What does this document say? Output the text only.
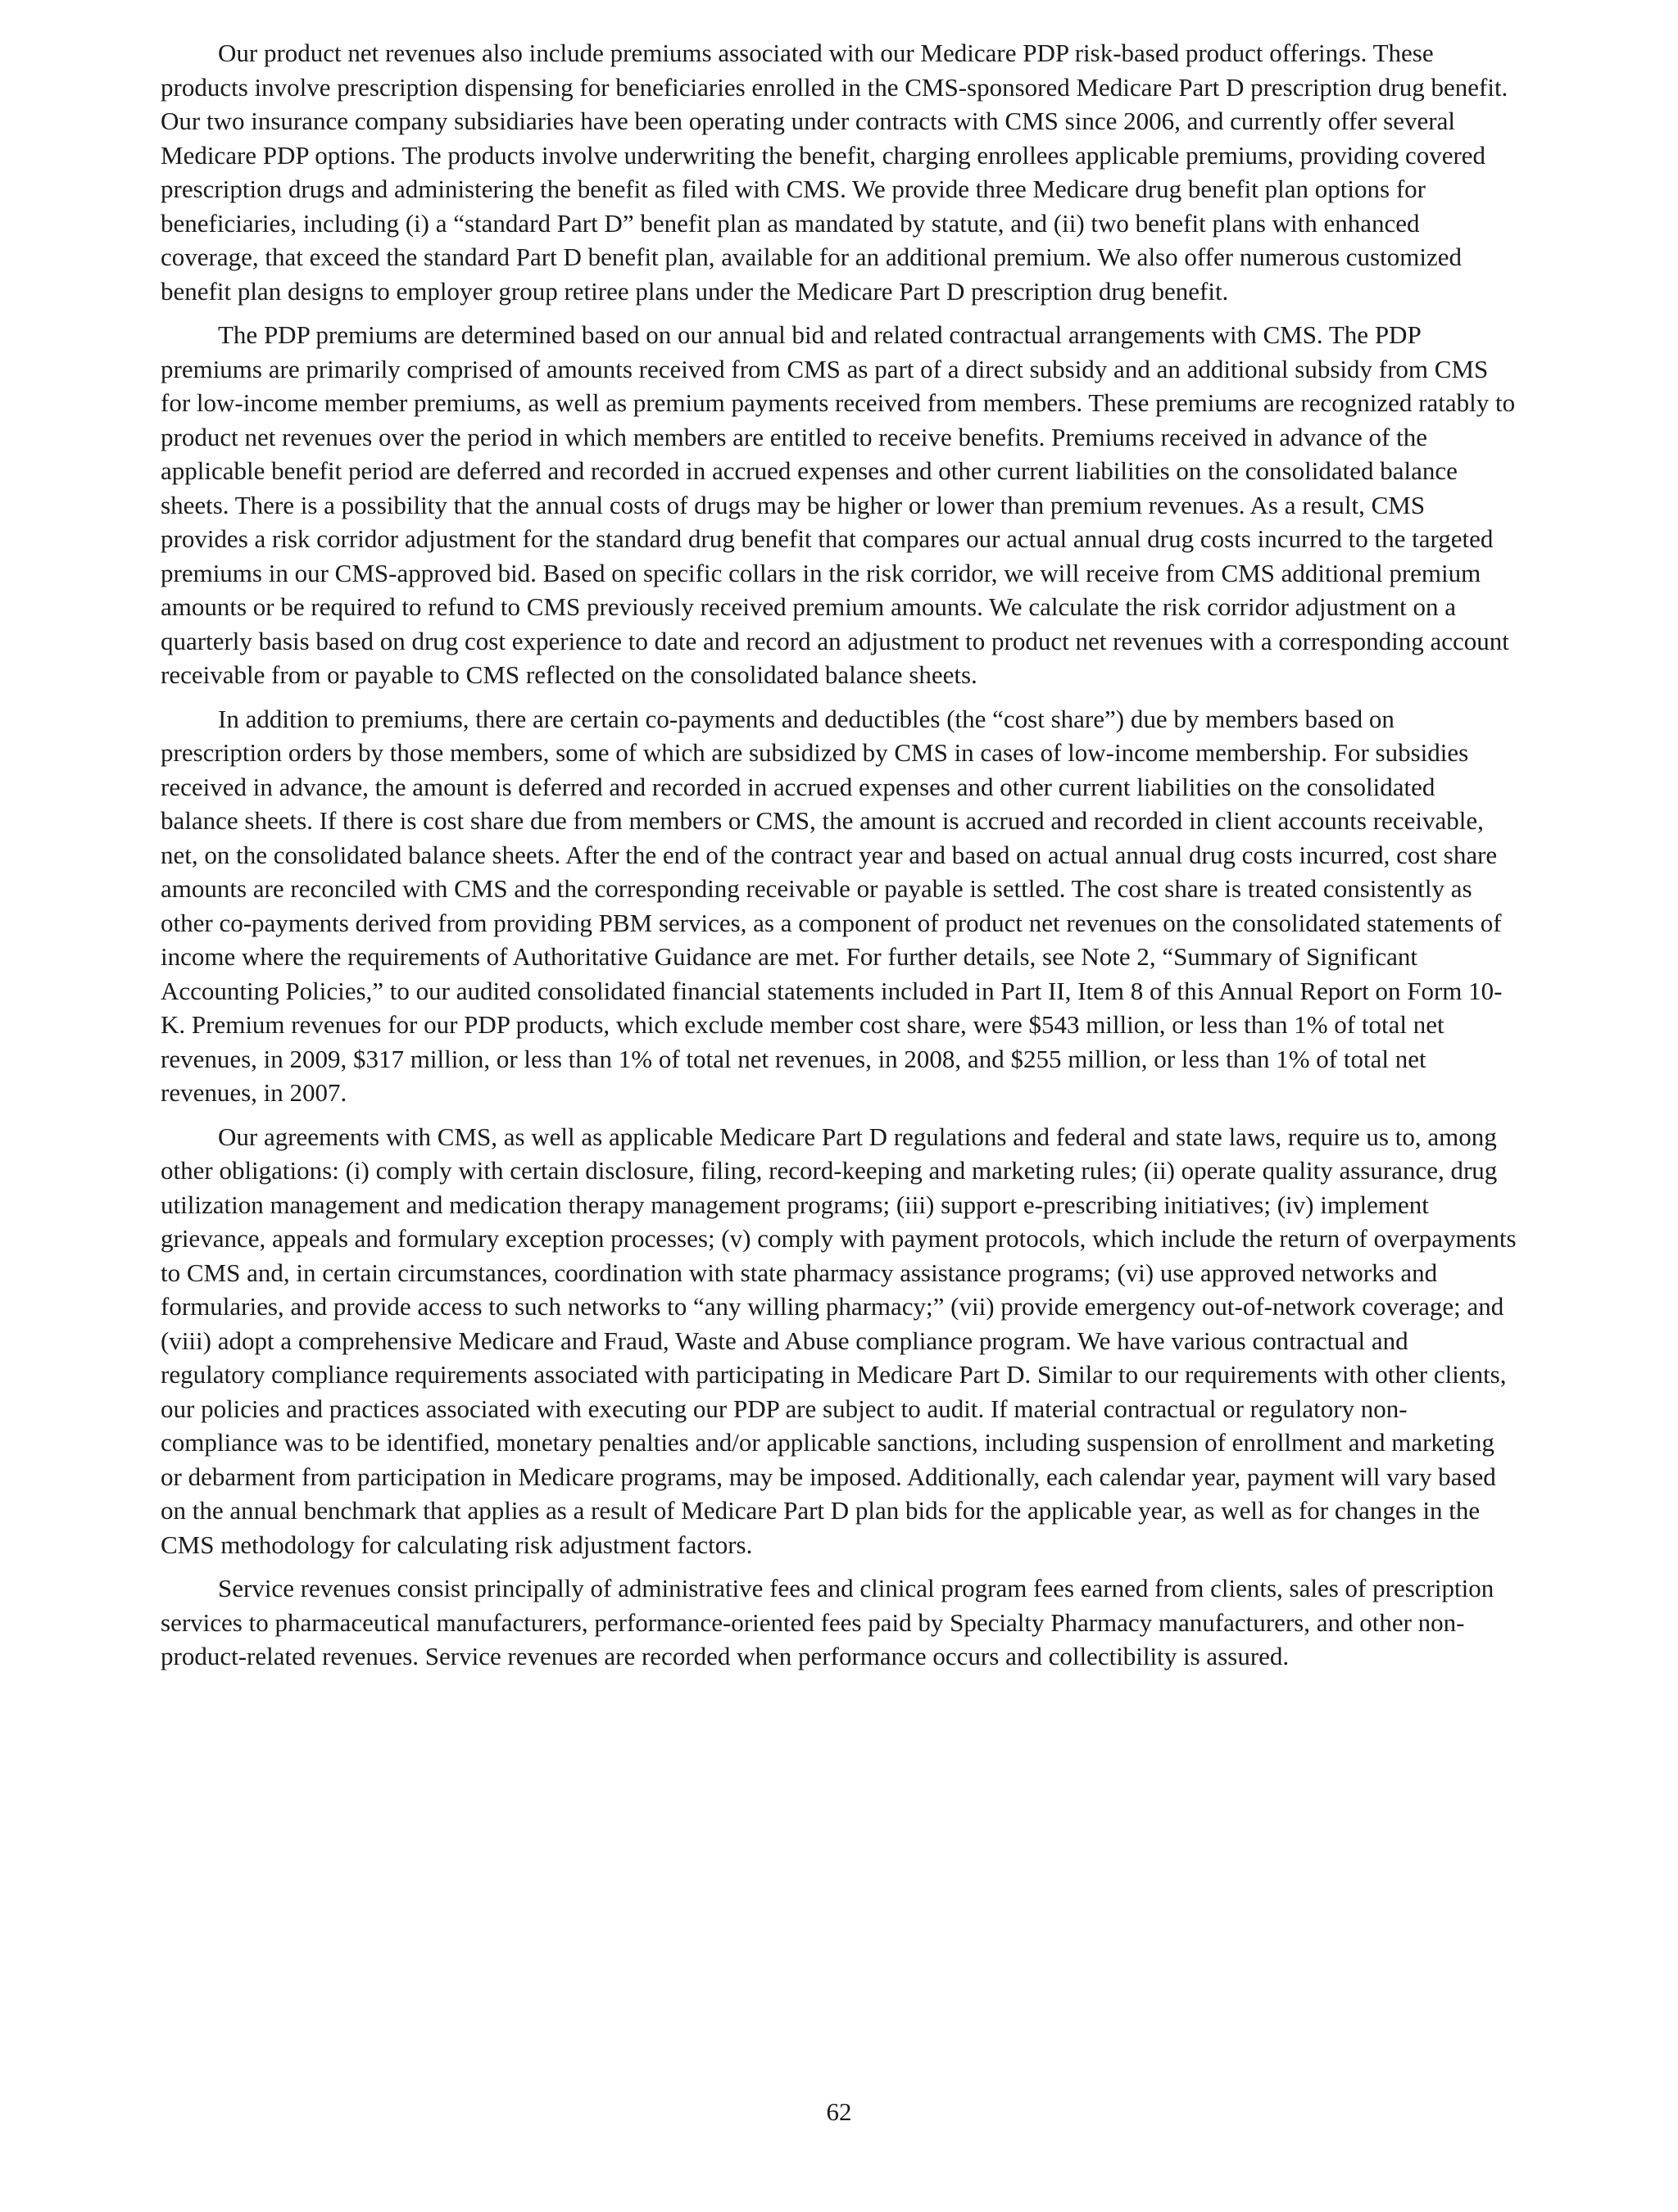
Our product net revenues also include premiums associated with our Medicare PDP risk-based product offerings. These products involve prescription dispensing for beneficiaries enrolled in the CMS-sponsored Medicare Part D prescription drug benefit. Our two insurance company subsidiaries have been operating under contracts with CMS since 2006, and currently offer several Medicare PDP options. The products involve underwriting the benefit, charging enrollees applicable premiums, providing covered prescription drugs and administering the benefit as filed with CMS. We provide three Medicare drug benefit plan options for beneficiaries, including (i) a “standard Part D” benefit plan as mandated by statute, and (ii) two benefit plans with enhanced coverage, that exceed the standard Part D benefit plan, available for an additional premium. We also offer numerous customized benefit plan designs to employer group retiree plans under the Medicare Part D prescription drug benefit.

The PDP premiums are determined based on our annual bid and related contractual arrangements with CMS. The PDP premiums are primarily comprised of amounts received from CMS as part of a direct subsidy and an additional subsidy from CMS for low-income member premiums, as well as premium payments received from members. These premiums are recognized ratably to product net revenues over the period in which members are entitled to receive benefits. Premiums received in advance of the applicable benefit period are deferred and recorded in accrued expenses and other current liabilities on the consolidated balance sheets. There is a possibility that the annual costs of drugs may be higher or lower than premium revenues. As a result, CMS provides a risk corridor adjustment for the standard drug benefit that compares our actual annual drug costs incurred to the targeted premiums in our CMS-approved bid. Based on specific collars in the risk corridor, we will receive from CMS additional premium amounts or be required to refund to CMS previously received premium amounts. We calculate the risk corridor adjustment on a quarterly basis based on drug cost experience to date and record an adjustment to product net revenues with a corresponding account receivable from or payable to CMS reflected on the consolidated balance sheets.

In addition to premiums, there are certain co-payments and deductibles (the “cost share”) due by members based on prescription orders by those members, some of which are subsidized by CMS in cases of low-income membership. For subsidies received in advance, the amount is deferred and recorded in accrued expenses and other current liabilities on the consolidated balance sheets. If there is cost share due from members or CMS, the amount is accrued and recorded in client accounts receivable, net, on the consolidated balance sheets. After the end of the contract year and based on actual annual drug costs incurred, cost share amounts are reconciled with CMS and the corresponding receivable or payable is settled. The cost share is treated consistently as other co-payments derived from providing PBM services, as a component of product net revenues on the consolidated statements of income where the requirements of Authoritative Guidance are met. For further details, see Note 2, “Summary of Significant Accounting Policies,” to our audited consolidated financial statements included in Part II, Item 8 of this Annual Report on Form 10-K. Premium revenues for our PDP products, which exclude member cost share, were $543 million, or less than 1% of total net revenues, in 2009, $317 million, or less than 1% of total net revenues, in 2008, and $255 million, or less than 1% of total net revenues, in 2007.

Our agreements with CMS, as well as applicable Medicare Part D regulations and federal and state laws, require us to, among other obligations: (i) comply with certain disclosure, filing, record-keeping and marketing rules; (ii) operate quality assurance, drug utilization management and medication therapy management programs; (iii) support e-prescribing initiatives; (iv) implement grievance, appeals and formulary exception processes; (v) comply with payment protocols, which include the return of overpayments to CMS and, in certain circumstances, coordination with state pharmacy assistance programs; (vi) use approved networks and formularies, and provide access to such networks to “any willing pharmacy;” (vii) provide emergency out-of-network coverage; and (viii) adopt a comprehensive Medicare and Fraud, Waste and Abuse compliance program. We have various contractual and regulatory compliance requirements associated with participating in Medicare Part D. Similar to our requirements with other clients, our policies and practices associated with executing our PDP are subject to audit. If material contractual or regulatory non-compliance was to be identified, monetary penalties and/or applicable sanctions, including suspension of enrollment and marketing or debarment from participation in Medicare programs, may be imposed. Additionally, each calendar year, payment will vary based on the annual benchmark that applies as a result of Medicare Part D plan bids for the applicable year, as well as for changes in the CMS methodology for calculating risk adjustment factors.

Service revenues consist principally of administrative fees and clinical program fees earned from clients, sales of prescription services to pharmaceutical manufacturers, performance-oriented fees paid by Specialty Pharmacy manufacturers, and other non-product-related revenues. Service revenues are recorded when performance occurs and collectibility is assured.

62
